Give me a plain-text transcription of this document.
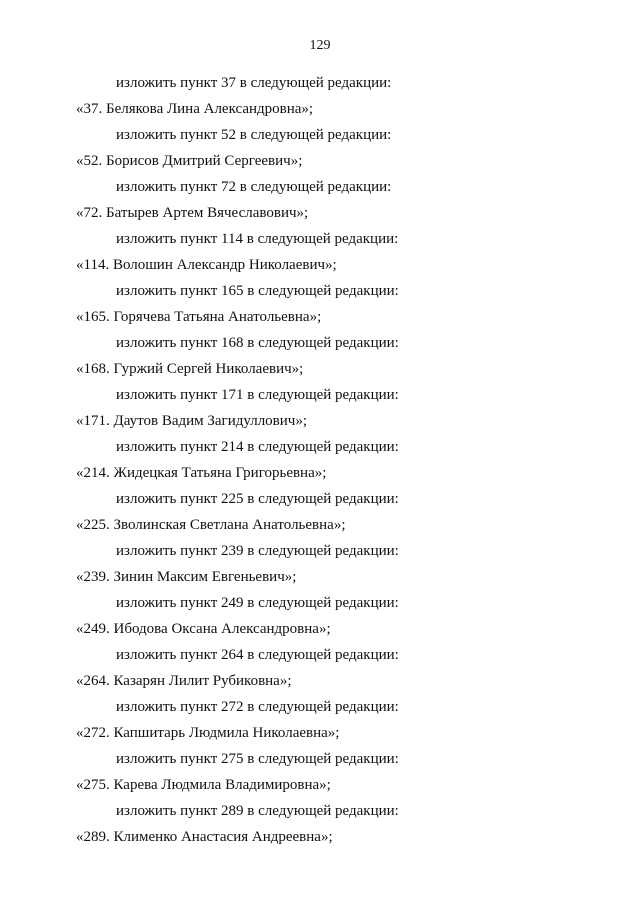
129
изложить пункт 37 в следующей редакции:
«37. Белякова Лина Александровна»;
изложить пункт 52 в следующей редакции:
«52. Борисов Дмитрий Сергеевич»;
изложить пункт 72 в следующей редакции:
«72. Батырев Артем Вячеславович»;
изложить пункт 114 в следующей редакции:
«114. Волошин Александр Николаевич»;
изложить пункт 165 в следующей редакции:
«165. Горячева Татьяна Анатольевна»;
изложить пункт 168 в следующей редакции:
«168. Гуржий Сергей Николаевич»;
изложить пункт 171 в следующей редакции:
«171. Даутов Вадим Загидуллович»;
изложить пункт 214 в следующей редакции:
«214. Жидецкая Татьяна Григорьевна»;
изложить пункт 225 в следующей редакции:
«225. Зволинская Светлана Анатольевна»;
изложить пункт 239 в следующей редакции:
«239. Зинин Максим Евгеньевич»;
изложить пункт 249 в следующей редакции:
«249. Ибодова Оксана Александровна»;
изложить пункт 264 в следующей редакции:
«264. Казарян Лилит Рубиковна»;
изложить пункт 272 в следующей редакции:
«272. Капшитарь Людмила Николаевна»;
изложить пункт 275 в следующей редакции:
«275. Карева Людмила Владимировна»;
изложить пункт 289 в следующей редакции:
«289. Клименко Анастасия Андреевна»;
